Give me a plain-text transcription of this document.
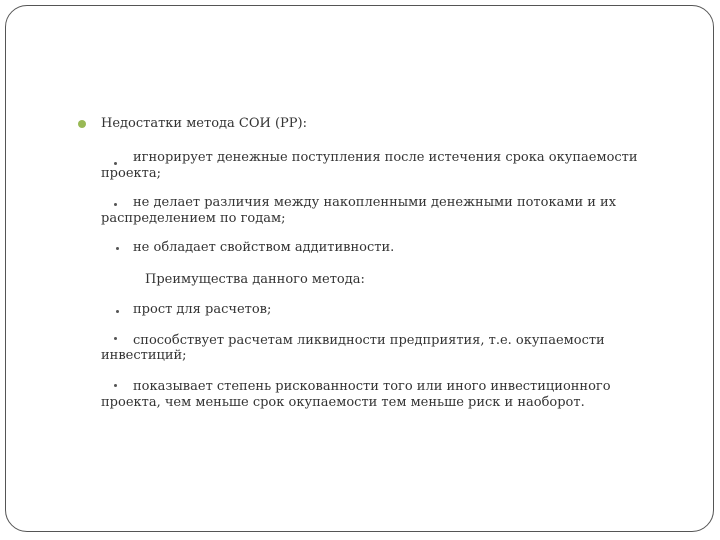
Недостатки метода СОИ (PP):
игнорирует денежные поступления после истечения срока окупаемости
проекта;
не делает различия между накопленными денежными потоками и их
распределением по годам;
не обладает свойством аддитивности.
Преимущества данного метода:
прост для расчетов;
способствует расчетам ликвидности предприятия, т.е. окупаемости
инвестиций;
показывает степень рискованности того или иного инвестиционного
проекта, чем меньше срок окупаемости тем меньше риск и наоборот.
